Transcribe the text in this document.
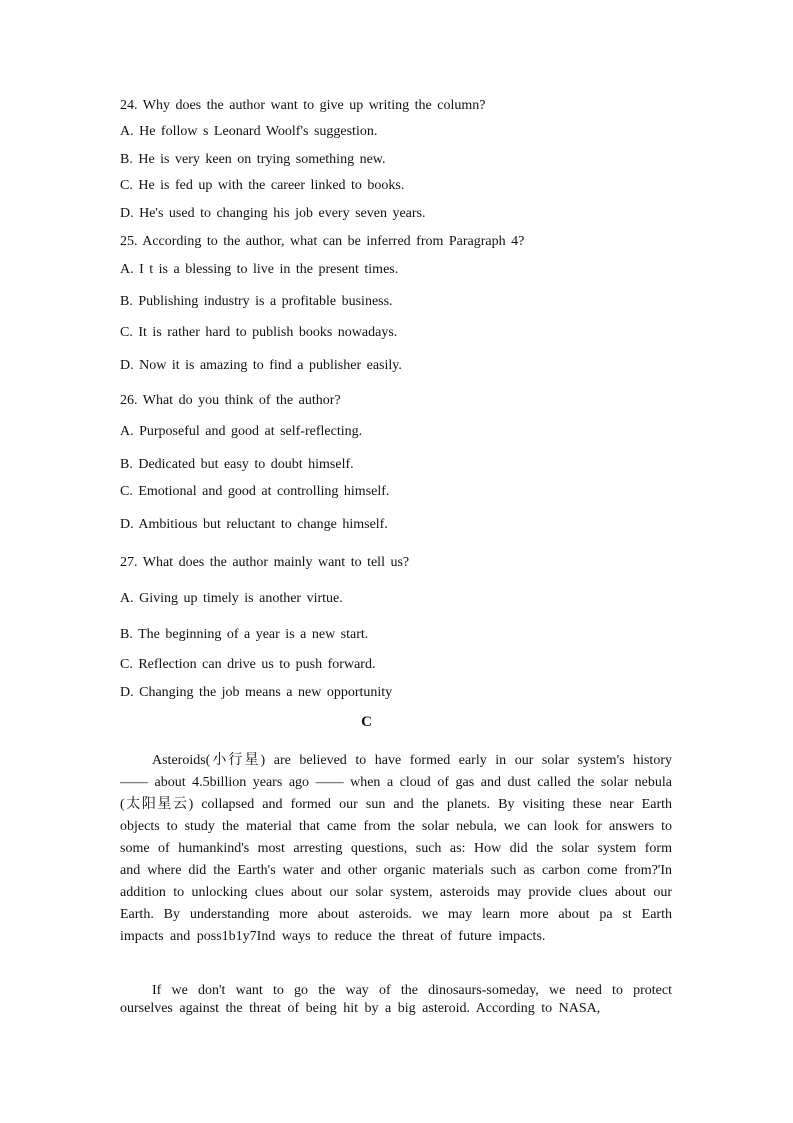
24. Why does the author want to give up writing the column?
A. He follow s Leonard Woolf's suggestion.
B. He is very keen on trying something new.
C. He is fed up with the career linked to books.
D. He's used to changing his job every seven years.
25. According to the author, what can be inferred from Paragraph 4?
A. I t is a blessing to live in the present times.
B. Publishing industry is a profitable business.
C. It is rather hard to publish books nowadays.
D. Now it is amazing to find a publisher easily.
26. What do you think of the author?
A. Purposeful and good at self-reflecting.
B. Dedicated but easy to doubt himself.
C. Emotional and good at controlling himself.
D. Ambitious but reluctant to change himself.
27. What does the author mainly want to tell us?
A. Giving up timely is another virtue.
B. The beginning of a year is a new start.
C. Reflection can drive us to push forward.
D. Changing the job means a new opportunity
C

Asteroids(小行星) are believed to have formed early in our solar system's history —— about 4.5billion years ago —— when a cloud of gas and dust called the solar nebula (太阳星云) collapsed and formed our sun and the planets. By visiting these near Earth objects to study the material that came from the solar nebula, we can look for answers to some of humankind's most arresting questions, such as: How did the solar system form and where did the Earth's water and other organic materials such as carbon come from?'In addition to unlocking clues about our solar system, asteroids may provide clues about our Earth. By understanding more about asteroids. we may learn more about pa st Earth impacts and poss1b1y7Ind ways to reduce the threat of future impacts.

If we don't want to go the way of the dinosaurs-someday, we need to protect ourselves against the threat of being hit by a big asteroid. According to NASA,
